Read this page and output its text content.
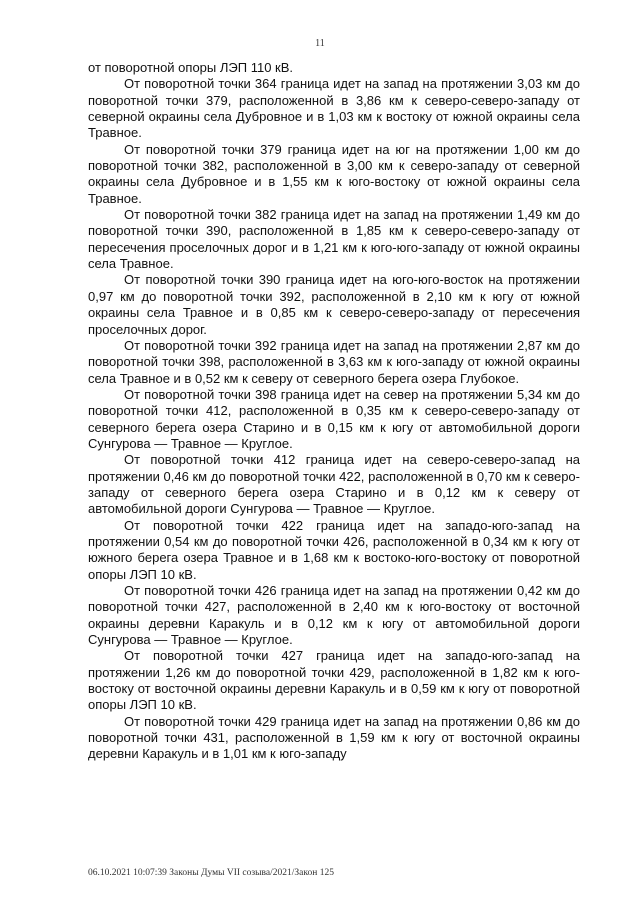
11

от поворотной опоры ЛЭП 110 кВ.

От поворотной точки 364 граница идет на запад на протяжении 3,03 км до поворотной точки 379, расположенной в 3,86 км к северо-северо-западу от северной окраины села Дубровное и в 1,03 км к востоку от южной окраины села Травное.

От поворотной точки 379 граница идет на юг на протяжении 1,00 км до поворотной точки 382, расположенной в 3,00 км к северо-западу от северной окраины села Дубровное и в 1,55 км к юго-востоку от южной окраины села Травное.

От поворотной точки 382 граница идет на запад на протяжении 1,49 км до поворотной точки 390, расположенной в 1,85 км к северо-северо-западу от пересечения проселочных дорог и в 1,21 км к юго-юго-западу от южной окраины села Травное.

От поворотной точки 390 граница идет на юго-юго-восток на протяжении 0,97 км до поворотной точки 392, расположенной в 2,10 км к югу от южной окраины села Травное и в 0,85 км к северо-северо-западу от пересечения проселочных дорог.

От поворотной точки 392 граница идет на запад на протяжении 2,87 км до поворотной точки 398, расположенной в 3,63 км к юго-западу от южной окраины села Травное и в 0,52 км к северу от северного берега озера Глубокое.

От поворотной точки 398 граница идет на север на протяжении 5,34 км до поворотной точки 412, расположенной в 0,35 км к северо-северо-западу от северного берега озера Старино и в 0,15 км к югу от автомобильной дороги Сунгурова — Травное — Круглое.

От поворотной точки 412 граница идет на северо-северо-запад на протяжении 0,46 км до поворотной точки 422, расположенной в 0,70 км к северо-западу от северного берега озера Старино и в 0,12 км к северу от автомобильной дороги Сунгурова — Травное — Круглое.

От поворотной точки 422 граница идет на западо-юго-запад на протяжении 0,54 км до поворотной точки 426, расположенной в 0,34 км к югу от южного берега озера Травное и в 1,68 км к востоко-юго-востоку от поворотной опоры ЛЭП 10 кВ.

От поворотной точки 426 граница идет на запад на протяжении 0,42 км до поворотной точки 427, расположенной в 2,40 км к юго-востоку от восточной окраины деревни Каракуль и в 0,12 км к югу от автомобильной дороги Сунгурова — Травное — Круглое.

От поворотной точки 427 граница идет на западо-юго-запад на протяжении 1,26 км до поворотной точки 429, расположенной в 1,82 км к юго-востоку от восточной окраины деревни Каракуль и в 0,59 км к югу от поворотной опоры ЛЭП 10 кВ.

От поворотной точки 429 граница идет на запад на протяжении 0,86 км до поворотной точки 431, расположенной в 1,59 км к югу от восточной окраины деревни Каракуль и в 1,01 км к юго-западу

06.10.2021 10:07:39 Законы Думы VII созыва/2021/Закон 125
